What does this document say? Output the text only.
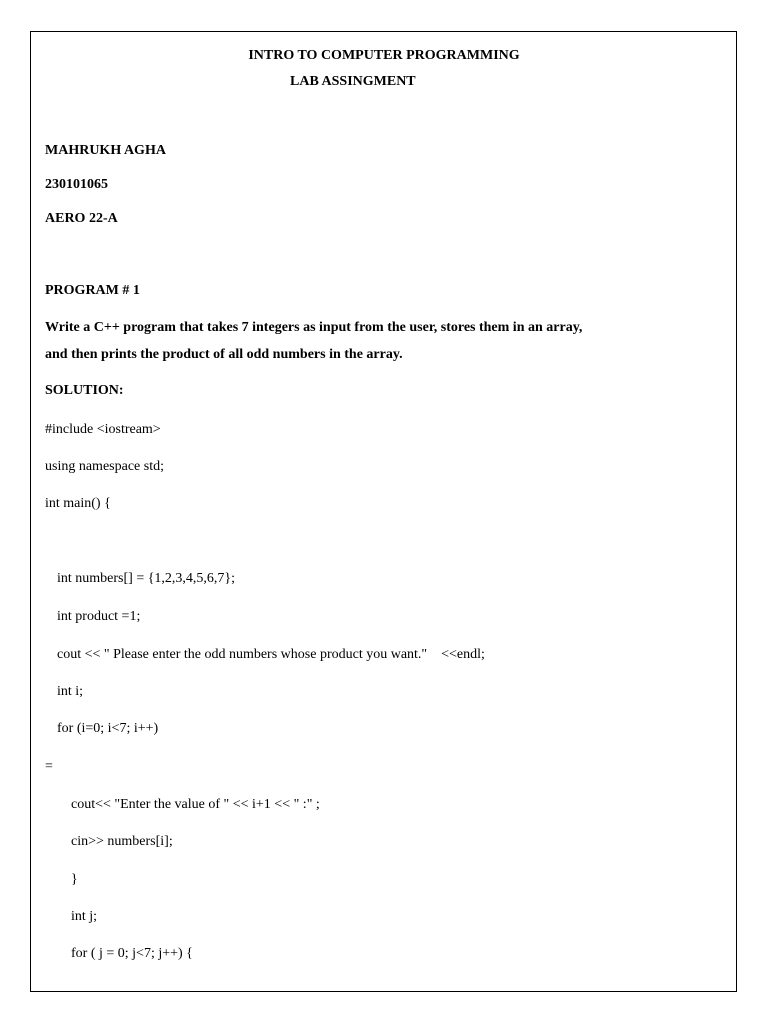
INTRO TO COMPUTER PROGRAMMING
LAB ASSINGMENT
MAHRUKH AGHA
230101065
AERO 22-A
PROGRAM # 1
Write a C++ program that takes 7 integers as input from the user, stores them in an array,
and then prints the product of all odd numbers in the array.
SOLUTION:
#include <iostream>
using namespace std;
int main() {
int numbers[] = {1,2,3,4,5,6,7};
int product =1;
cout << " Please enter the odd numbers whose product you want."    <<endl;
int i;
for (i=0; i<7; i++)
=
cout<< "Enter the value of " << i+1 << " :" ;
cin>> numbers[i];
}
int j;
for ( j = 0; j<7; j++) {
